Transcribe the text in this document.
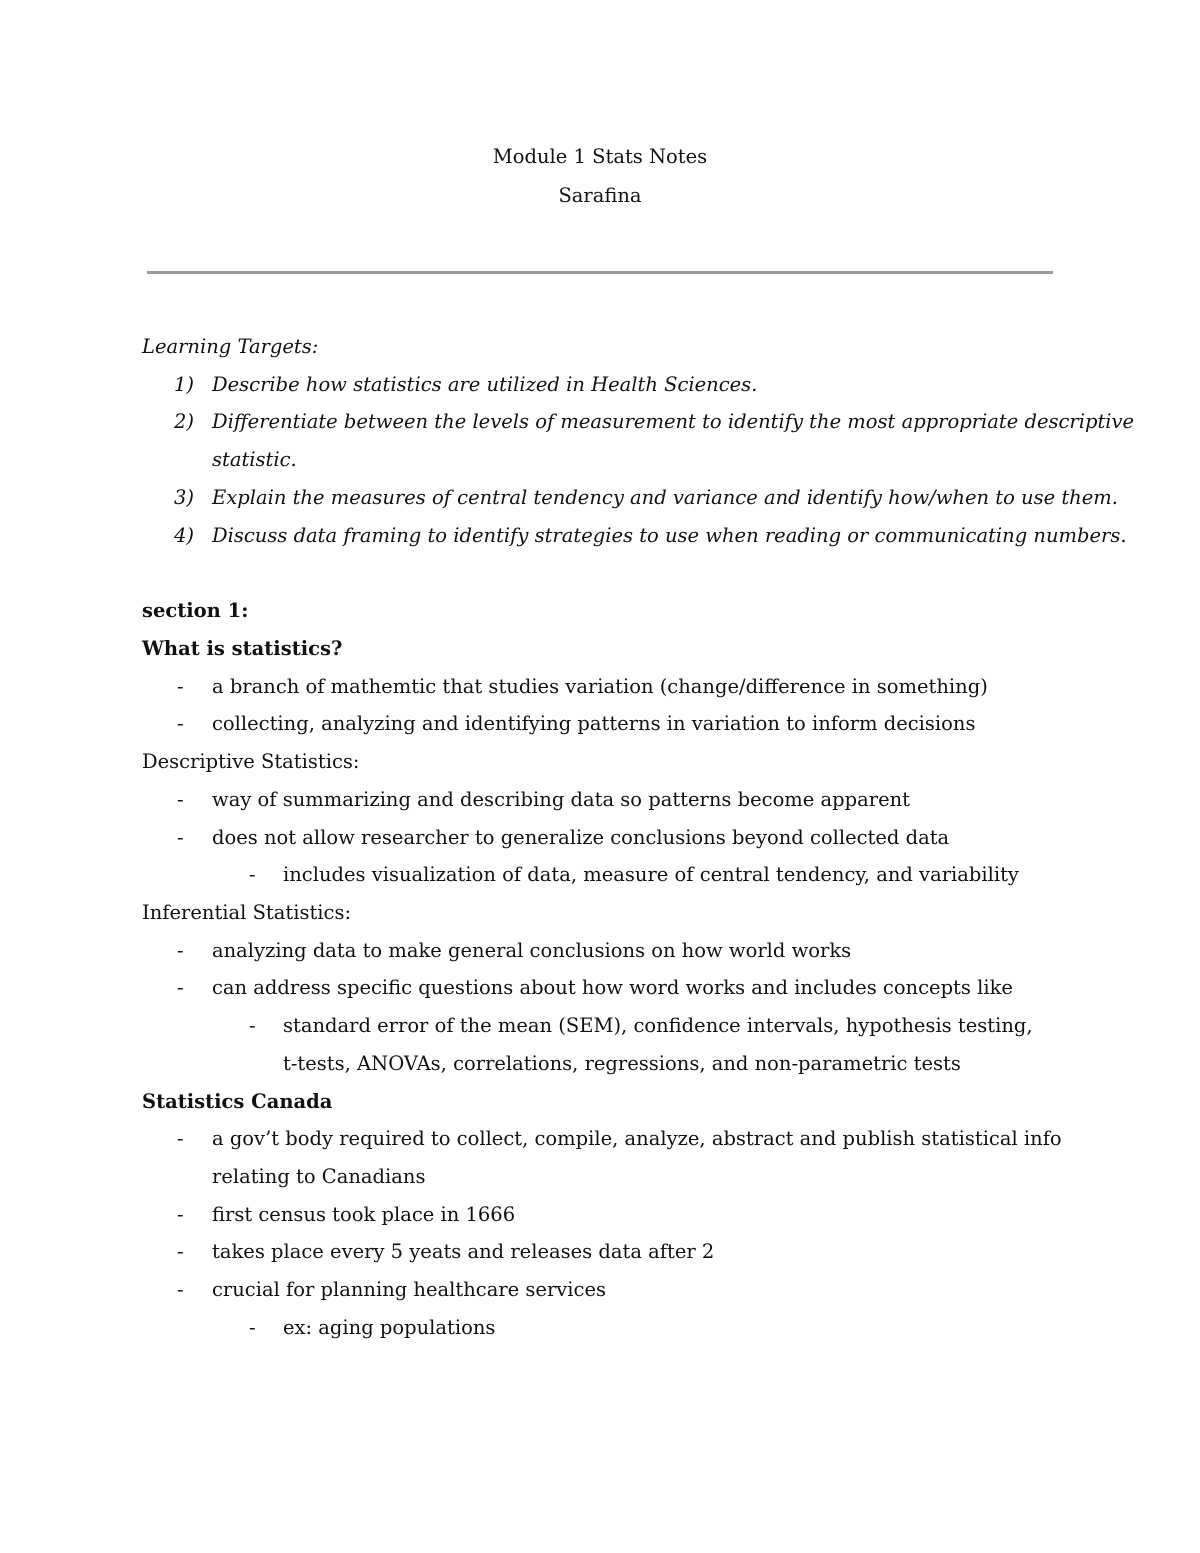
Module 1 Stats Notes
Sarafina
Learning Targets:
1) Describe how statistics are utilized in Health Sciences.
2) Differentiate between the levels of measurement to identify the most appropriate descriptive
statistic.
3) Explain the measures of central tendency and variance and identify how/when to use them.
4) Discuss data framing to identify strategies to use when reading or communicating numbers.
section 1:
What is statistics?
- a branch of mathemtic that studies variation (change/difference in something)
- collecting, analyzing and identifying patterns in variation to inform decisions
Descriptive Statistics:
- way of summarizing and describing data so patterns become apparent
- does not allow researcher to generalize conclusions beyond collected data
- includes visualization of data, measure of central tendency, and variability
Inferential Statistics:
- analyzing data to make general conclusions on how world works
- can address specific questions about how word works and includes concepts like
- standard error of the mean (SEM), confidence intervals, hypothesis testing,
t-tests, ANOVAs, correlations, regressions, and non-parametric tests
Statistics Canada
- a gov’t body required to collect, compile, analyze, abstract and publish statistical info
relating to Canadians
- first census took place in 1666
- takes place every 5 yeats and releases data after 2
- crucial for planning healthcare services
- ex: aging populations
